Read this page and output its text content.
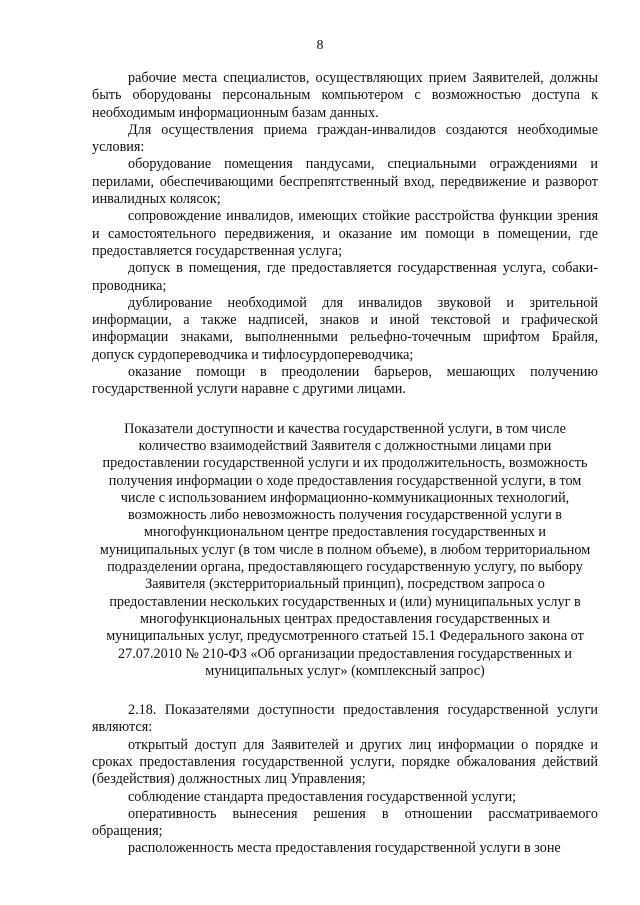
8

рабочие места специалистов, осуществляющих прием Заявителей, должны быть оборудованы персональным компьютером с возможностью доступа к необходимым информационным базам данных.

Для осуществления приема граждан-инвалидов создаются необходимые условия:

оборудование помещения пандусами, специальными ограждениями и перилами, обеспечивающими беспрепятственный вход, передвижение и разворот инвалидных колясок;

сопровождение инвалидов, имеющих стойкие расстройства функции зрения и самостоятельного передвижения, и оказание им помощи в помещении, где предоставляется государственная услуга;

допуск в помещения, где предоставляется государственная услуга, собаки-проводника;

дублирование необходимой для инвалидов звуковой и зрительной информации, а также надписей, знаков и иной текстовой и графической информации знаками, выполненными рельефно-точечным шрифтом Брайля, допуск сурдопереводчика и тифлосурдопереводчика;

оказание помощи в преодолении барьеров, мешающих получению государственной услуги наравне с другими лицами.

Показатели доступности и качества государственной услуги, в том числе количество взаимодействий Заявителя с должностными лицами при предоставлении государственной услуги и их продолжительность, возможность получения информации о ходе предоставления государственной услуги, в том числе с использованием информационно-коммуникационных технологий, возможность либо невозможность получения государственной услуги в многофункциональном центре предоставления государственных и муниципальных услуг (в том числе в полном объеме), в любом территориальном подразделении органа, предоставляющего государственную услугу, по выбору Заявителя (экстерриториальный принцип), посредством запроса о предоставлении нескольких государственных и (или) муниципальных услуг в многофункциональных центрах предоставления государственных и муниципальных услуг, предусмотренного статьей 15.1 Федерального закона от 27.07.2010 № 210-ФЗ «Об организации предоставления государственных и муниципальных услуг» (комплексный запрос)

2.18. Показателями доступности предоставления государственной услуги являются:

открытый доступ для Заявителей и других лиц информации о порядке и сроках предоставления государственной услуги, порядке обжалования действий (бездействия) должностных лиц Управления;

соблюдение стандарта предоставления государственной услуги;

оперативность вынесения решения в отношении рассматриваемого обращения;

расположенность места предоставления государственной услуги в зоне
